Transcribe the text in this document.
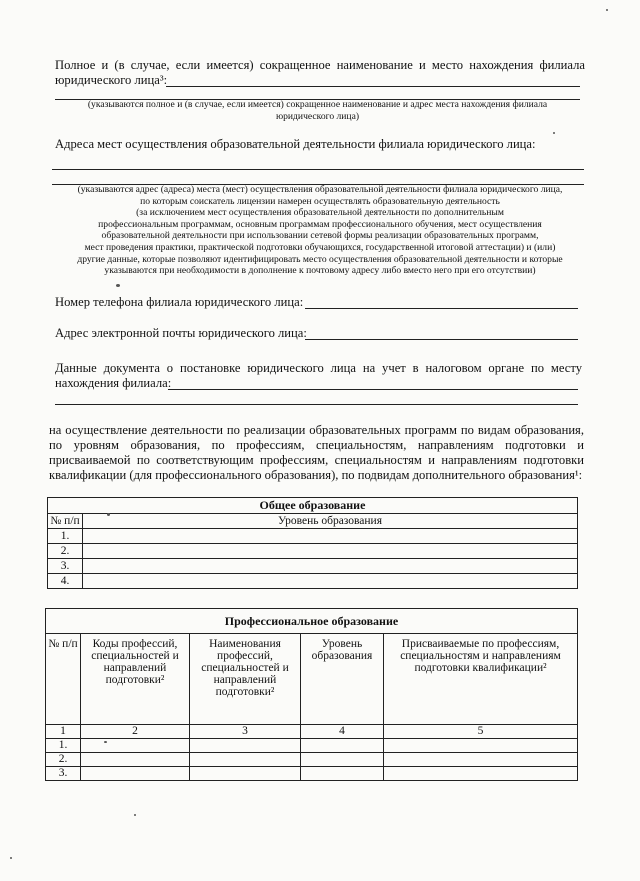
Полное и (в случае, если имеется) сокращенное наименование и место нахождения филиала
юридического лица³:
(указываются полное и (в случае, если имеется) сокращенное наименование и адрес места нахождения филиала
юридического лица)
Адреса мест осуществления образовательной деятельности филиала юридического лица:
(указываются адрес (адреса) места (мест) осуществления образовательной деятельности филиала юридического лица,
по которым соискатель лицензии намерен осуществлять образовательную деятельность
(за исключением мест осуществления образовательной деятельности по дополнительным
профессиональным программам, основным программам профессионального обучения, мест осуществления
образовательной деятельности при использовании сетевой формы реализации образовательных программ,
мест проведения практики, практической подготовки обучающихся, государственной итоговой аттестации) и (или)
другие данные, которые позволяют идентифицировать место осуществления образовательной деятельности и которые
указываются при необходимости в дополнение к почтовому адресу либо вместо него при его отсутствии)
Номер телефона филиала юридического лица:
Адрес электронной почты юридического лица:
Данные документа о постановке юридического лица на учет в налоговом органе по месту
нахождения филиала:
на осуществление деятельности по реализации образовательных программ по видам образования,
по уровням образования, по профессиям, специальностям, направлениям подготовки и
присваиваемой по соответствующим профессиям, специальностям и направлениям подготовки
квалификации (для профессионального образования), по подвидам дополнительного образования¹:
Общее образование	
№ п/п	Уровень образования
1.	
2.	
3.	
4.	
Профессиональное образование				
№ п/п	Коды профессий, специальностей и направлений подготовки²	Наименования профессий, специальностей и направлений подготовки²	Уровень образования	Присваиваемые по профессиям, специальностям и направлениям подготовки квалификации²
1	2	3	4	5
1.				
2.				
3.				
